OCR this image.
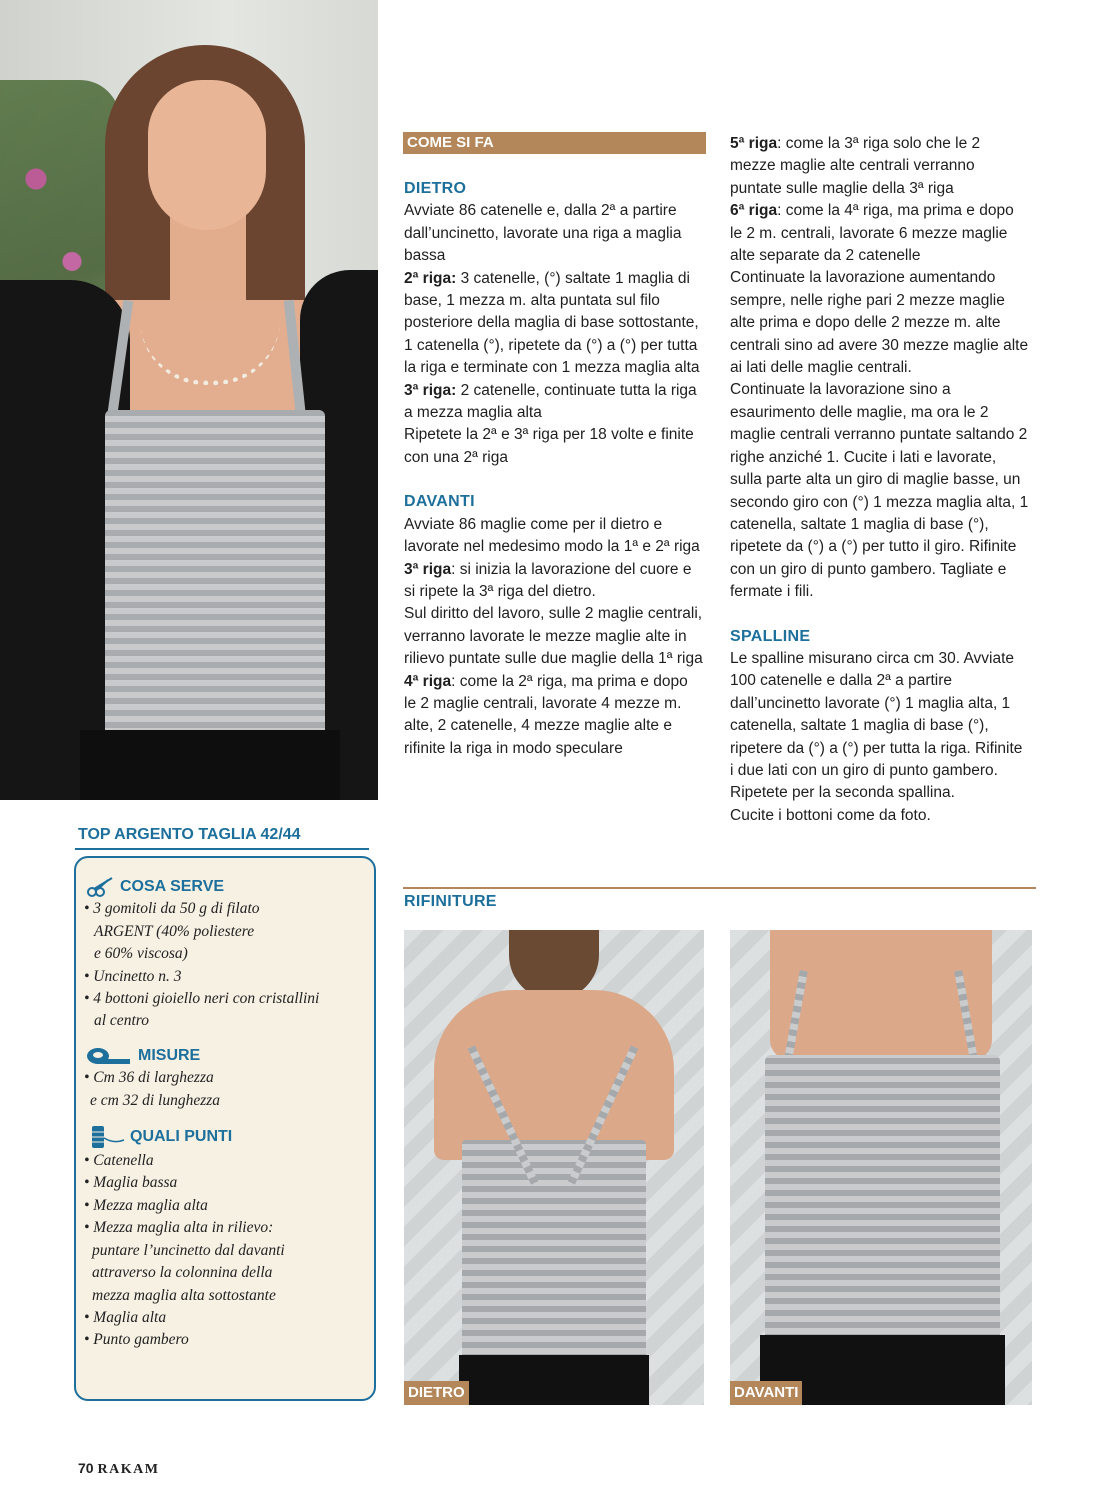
COME SI FA

DIETRO

Avviate 86 catenelle e, dalla 2ª a partire dall’uncinetto, lavorate una riga a maglia bassa

2ª riga: 3 catenelle, (°) saltate 1 maglia di base, 1 mezza m. alta puntata sul filo posteriore della maglia di base sottostante, 1 catenella (°), ripetete da (°) a (°) per tutta la riga e terminate con 1 mezza maglia alta

3ª riga: 2 catenelle, continuate tutta la riga a mezza maglia alta

Ripetete la 2ª e 3ª riga per 18 volte e finite con una 2ª riga

DAVANTI

Avviate 86 maglie come per il dietro e lavorate nel medesimo modo la 1ª e 2ª riga

3ª riga: si inizia la lavorazione del cuore e si ripete la 3ª riga del dietro.

Sul diritto del lavoro, sulle 2 maglie centrali, verranno lavorate le mezze maglie alte in rilievo puntate sulle due maglie della 1ª riga

4ª riga: come la 2ª riga, ma prima e dopo le 2 maglie centrali, lavorate 4 mezze m. alte, 2 catenelle, 4 mezze maglie alte e rifinite la riga in modo speculare

5ª riga: come la 3ª riga solo che le 2 mezze maglie alte centrali verranno puntate sulle maglie della 3ª riga

6ª riga: come la 4ª riga, ma prima e dopo le 2 m. centrali, lavorate 6 mezze maglie alte separate da 2 catenelle

Continuate la lavorazione aumentando sempre, nelle righe pari 2 mezze maglie alte prima e dopo delle 2 mezze m. alte centrali sino ad avere 30 mezze maglie alte ai lati delle maglie centrali.

Continuate la lavorazione sino a esaurimento delle maglie, ma ora le 2 maglie centrali verranno puntate saltando 2 righe anziché 1. Cucite i lati e lavorate, sulla parte alta un giro di maglie basse, un secondo giro con (°) 1 mezza maglia alta, 1 catenella, saltate 1 maglia di base (°), ripetete da (°) a (°) per tutto il giro. Rifinite con un giro di punto gambero. Tagliate e fermate i fili.

SPALLINE

Le spalline misurano circa cm 30. Avviate 100 catenelle e dalla 2ª a partire dall’uncinetto lavorate (°) 1 maglia alta, 1 catenella, saltate 1 maglia di base (°), ripetere da (°) a (°) per tutta la riga. Rifinite i due lati con un giro di punto gambero. Ripetete per la seconda spallina.

Cucite i bottoni come da foto.

RIFINITURE
TOP ARGENTO TAGLIA 42/44
COSA SERVE

• 3 gomitoli da 50 g di filato

ARGENT (40% poliestere

e 60% viscosa)

• Uncinetto n. 3

• 4 bottoni gioiello neri con cristallini

al centro

MISURE

• Cm 36 di larghezza

e cm 32 di lunghezza

QUALI PUNTI

• Catenella

• Maglia bassa

• Mezza maglia alta

• Mezza maglia alta in rilievo:

puntare l’uncinetto dal davanti

attraverso la colonnina della

mezza maglia alta sottostante

• Maglia alta

• Punto gambero

DIETRO	DAVANTI
70 RAKAM
